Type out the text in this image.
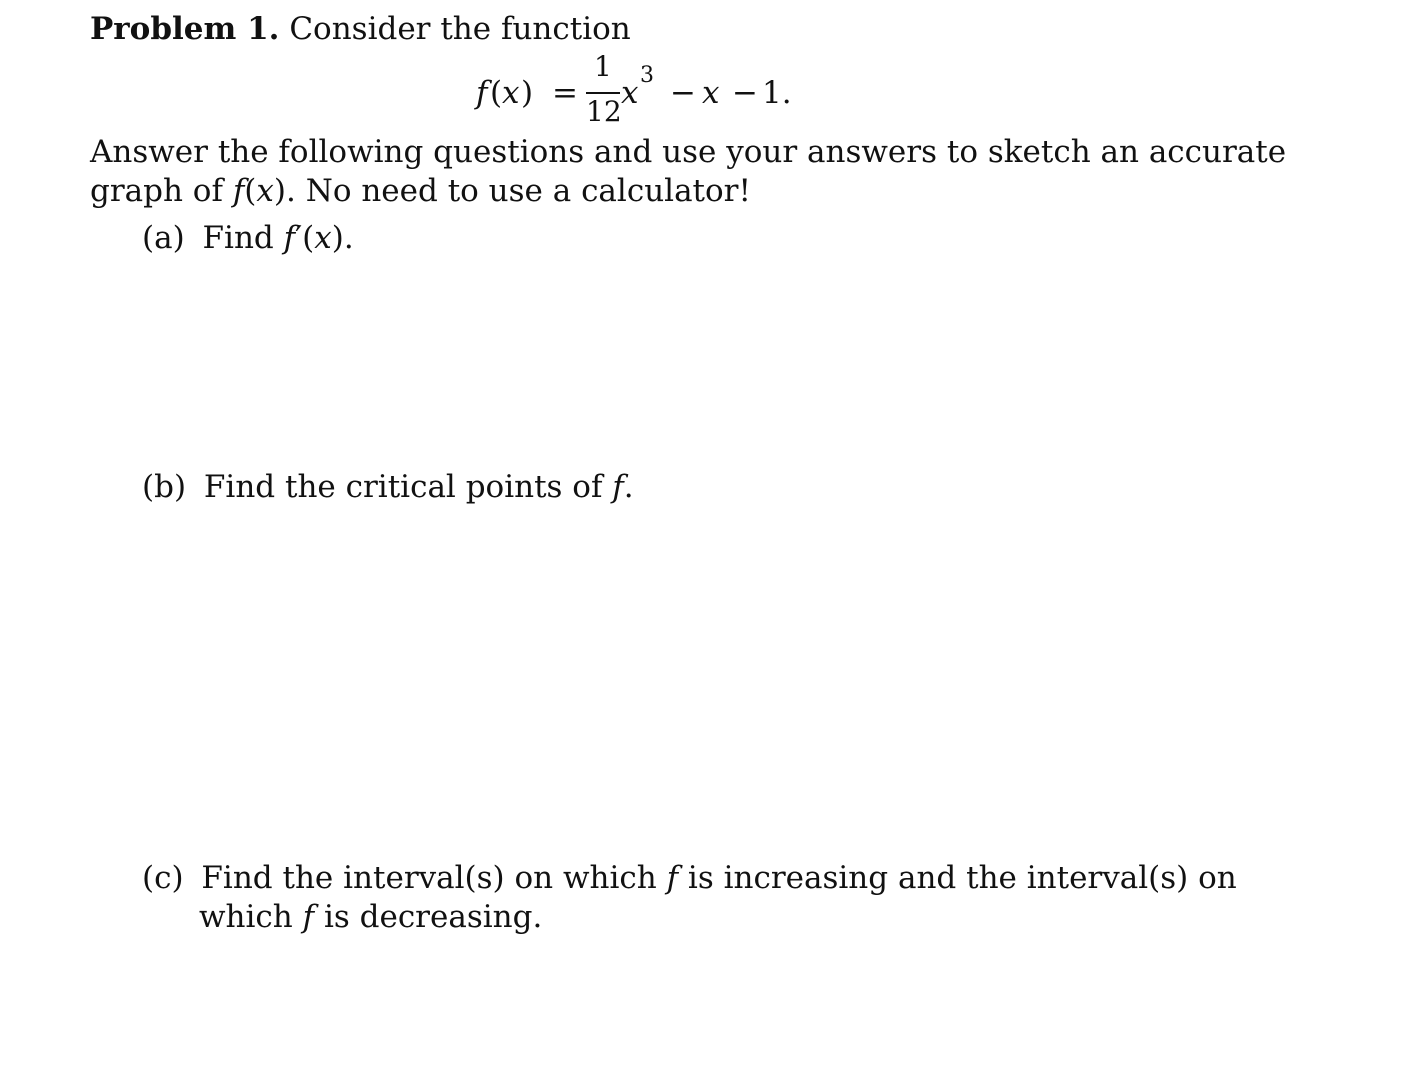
Problem 1. Consider the function
f ( x ) =
1
12
x 3 − x − 1.
Answer the following questions and use your answers to sketch an accurate
graph of f(x). No need to use a calculator!
(a) Find f′(x).
(b) Find the critical points of f.
(c) Find the interval(s) on which f is increasing and the interval(s) on
which f is decreasing.
